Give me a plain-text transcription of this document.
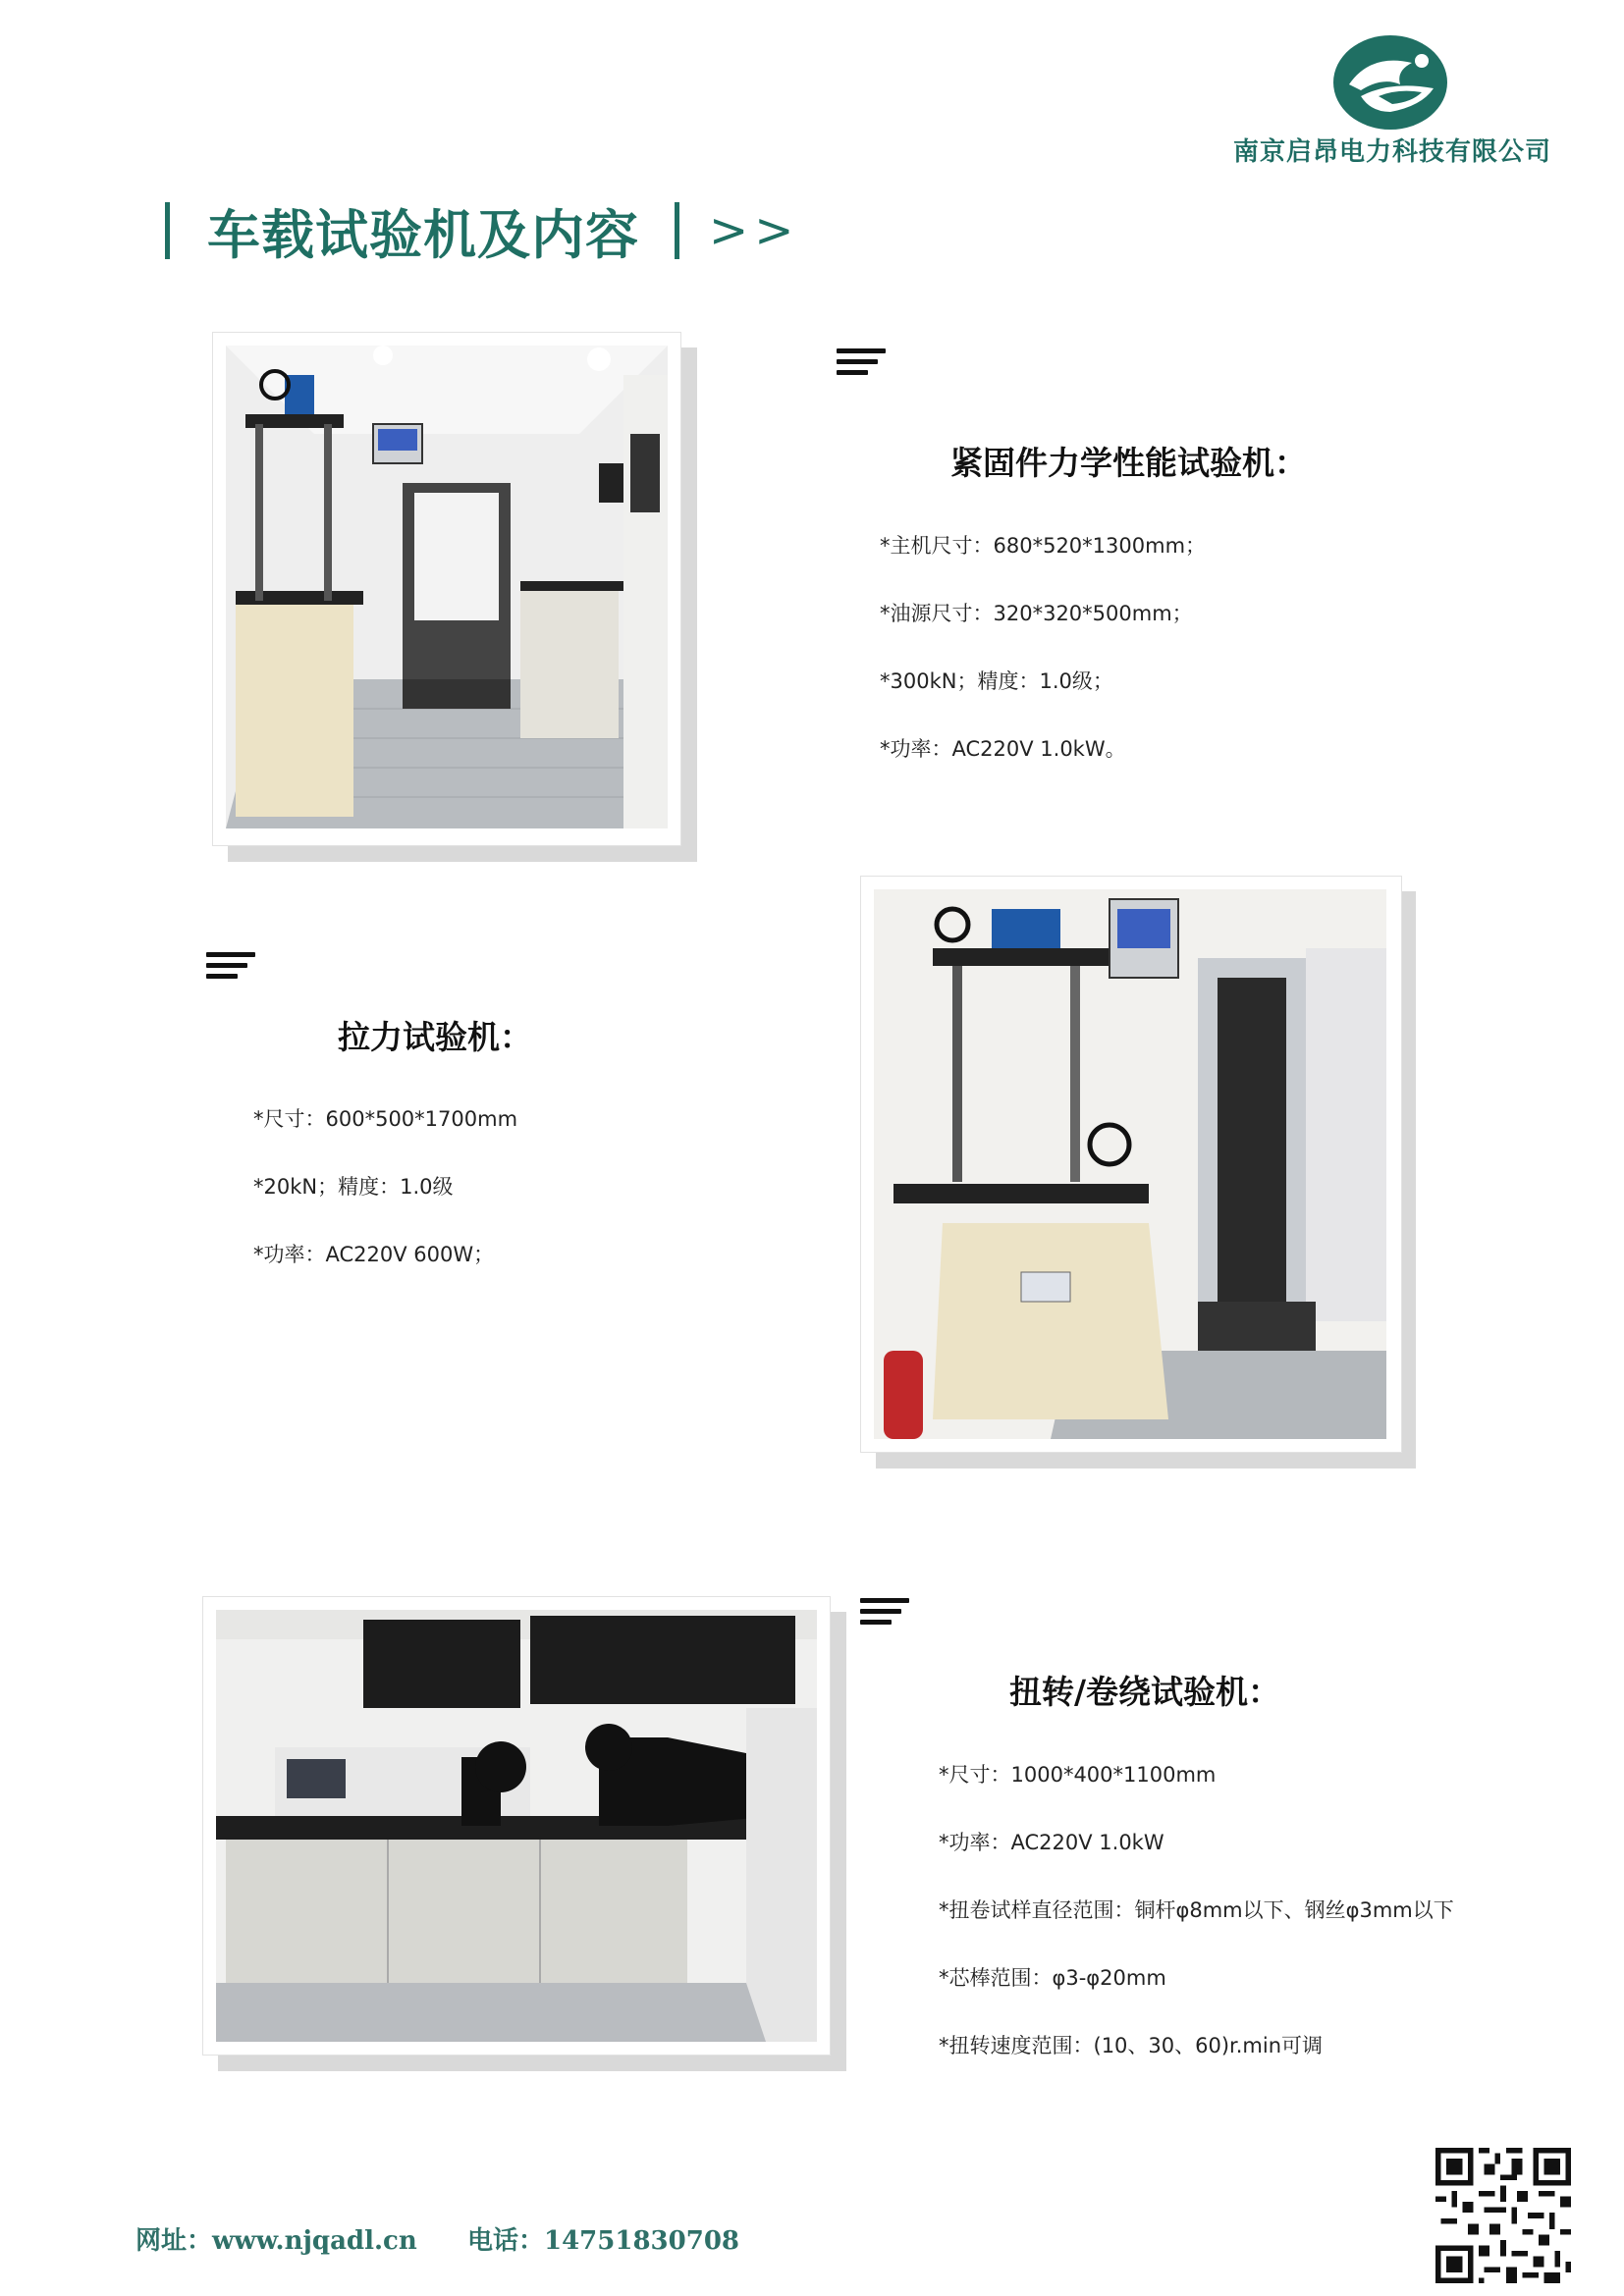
南京启昂电力科技有限公司
车载试验机及内容 >>
紧固件力学性能试验机：
*主机尺寸：680*520*1300mm；
*油源尺寸：320*320*500mm；
*300kN；精度：1.0级；
*功率：AC220V 1.0kW。
拉力试验机：
*尺寸：600*500*1700mm
*20kN；精度：1.0级
*功率：AC220V 600W；
扭转/卷绕试验机：
*尺寸：1000*400*1100mm
*功率：AC220V 1.0kW
*扭卷试样直径范围：铜杆φ8mm以下、钢丝φ3mm以下
*芯棒范围：φ3-φ20mm
*扭转速度范围：(10、30、60)r.min可调
网址：www.njqadl.cn 电话：14751830708
